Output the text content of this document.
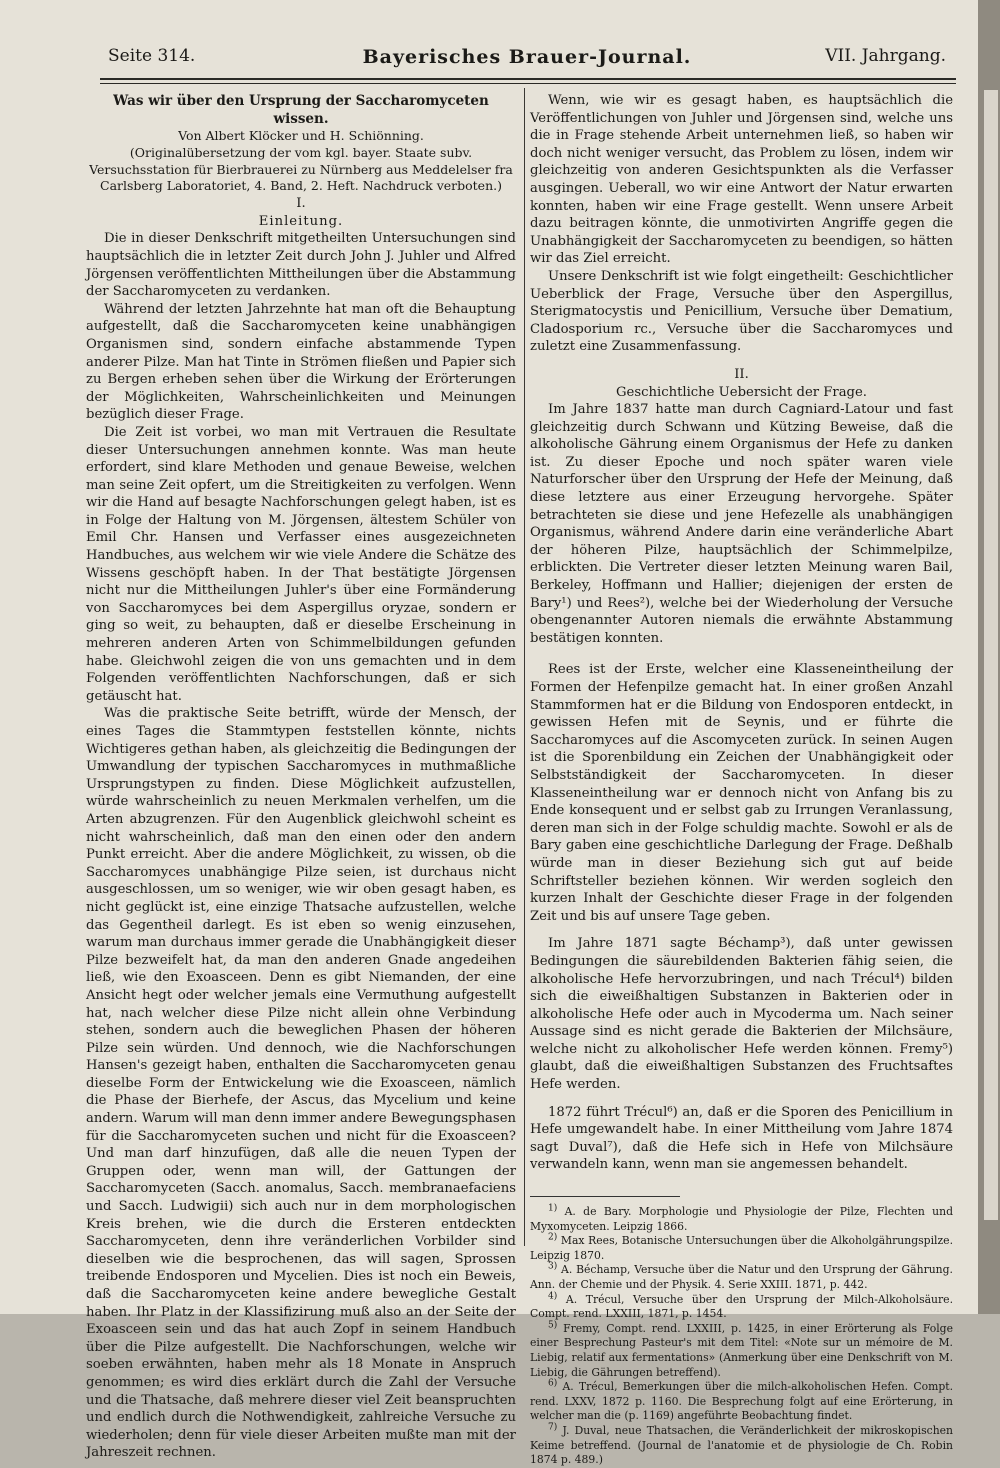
Seite 314.	Bayerisches Brauer-Journal.	VII. Jahrgang.
Was wir über den Ursprung der Saccharomyceten wissen.
Von Albert Klöcker und H. Schiönning.
(Originalübersetzung der vom kgl. bayer. Staate subv. Versuchsstation für Bierbrauerei zu Nürnberg aus Meddelelser fra Carlsberg Laboratoriet, 4. Band, 2. Heft. Nachdruck verboten.)
I.
Einleitung.

Die in dieser Denkschrift mitgetheilten Untersuchungen sind hauptsächlich die in letzter Zeit durch John J. Juhler und Alfred Jörgensen veröffentlichten Mittheilungen über die Abstammung der Saccharomyceten zu verdanken.

Während der letzten Jahrzehnte hat man oft die Behauptung aufgestellt, daß die Saccharomyceten keine unabhängigen Organismen sind, sondern einfache abstammende Typen anderer Pilze. Man hat Tinte in Strömen fließen und Papier sich zu Bergen erheben sehen über die Wirkung der Erörterungen der Möglichkeiten, Wahrscheinlichkeiten und Meinungen bezüglich dieser Frage.

Die Zeit ist vorbei, wo man mit Vertrauen die Resultate dieser Untersuchungen annehmen konnte. Was man heute erfordert, sind klare Methoden und genaue Beweise, welchen man seine Zeit opfert, um die Streitigkeiten zu verfolgen. Wenn wir die Hand auf besagte Nachforschungen gelegt haben, ist es in Folge der Haltung von M. Jörgensen, ältestem Schüler von Emil Chr. Hansen und Verfasser eines ausgezeichneten Handbuches, aus welchem wir wie viele Andere die Schätze des Wissens geschöpft haben. In der That bestätigte Jörgensen nicht nur die Mittheilungen Juhler's über eine Formänderung von Saccharomyces bei dem Aspergillus oryzae, sondern er ging so weit, zu behaupten, daß er dieselbe Erscheinung in mehreren anderen Arten von Schimmelbildungen gefunden habe. Gleichwohl zeigen die von uns gemachten und in dem Folgenden veröffentlichten Nachforschungen, daß er sich getäuscht hat.

Was die praktische Seite betrifft, würde der Mensch, der eines Tages die Stammtypen feststellen könnte, nichts Wichtigeres gethan haben, als gleichzeitig die Bedingungen der Umwandlung der typischen Saccharomyces in muthmaßliche Ursprungstypen zu finden. Diese Möglichkeit aufzustellen, würde wahrscheinlich zu neuen Merkmalen verhelfen, um die Arten abzugrenzen. Für den Augenblick gleichwohl scheint es nicht wahrscheinlich, daß man den einen oder den andern Punkt erreicht. Aber die andere Möglichkeit, zu wissen, ob die Saccharomyces unabhängige Pilze seien, ist durchaus nicht ausgeschlossen, um so weniger, wie wir oben gesagt haben, es nicht geglückt ist, eine einzige Thatsache aufzustellen, welche das Gegentheil darlegt. Es ist eben so wenig einzusehen, warum man durchaus immer gerade die Unabhängigkeit dieser Pilze bezweifelt hat, da man den anderen Gnade angedeihen ließ, wie den Exoasceen. Denn es gibt Niemanden, der eine Ansicht hegt oder welcher jemals eine Vermuthung aufgestellt hat, nach welcher diese Pilze nicht allein ohne Verbindung stehen, sondern auch die beweglichen Phasen der höheren Pilze sein würden. Und dennoch, wie die Nachforschungen Hansen's gezeigt haben, enthalten die Saccharomyceten genau dieselbe Form der Entwickelung wie die Exoasceen, nämlich die Phase der Bierhefe, der Ascus, das Mycelium und keine andern. Warum will man denn immer andere Bewegungsphasen für die Saccharomyceten suchen und nicht für die Exoasceen? Und man darf hinzufügen, daß alle die neuen Typen der Gruppen oder, wenn man will, der Gattungen der Saccharomyceten (Sacch. anomalus, Sacch. membranaefaciens und Sacch. Ludwigii) sich auch nur in dem morphologischen Kreis brehen, wie die durch die Ersteren entdeckten Saccharomyceten, denn ihre veränderlichen Vorbilder sind dieselben wie die besprochenen, das will sagen, Sprossen treibende Endosporen und Mycelien. Dies ist noch ein Beweis, daß die Saccharomyceten keine andere bewegliche Gestalt haben. Ihr Platz in der Klassifizirung muß also an der Seite der Exoasceen sein und das hat auch Zopf in seinem Handbuch über die Pilze aufgestellt. Die Nachforschungen, welche wir soeben erwähnten, haben mehr als 18 Monate in Anspruch genommen; es wird dies erklärt durch die Zahl der Versuche und die Thatsache, daß mehrere dieser viel Zeit beanspruchten und endlich durch die Nothwendigkeit, zahlreiche Versuche zu wiederholen; denn für viele dieser Arbeiten mußte man mit der Jahreszeit rechnen.

Wenn, wie wir es gesagt haben, es hauptsächlich die Veröffentlichungen von Juhler und Jörgensen sind, welche uns die in Frage stehende Arbeit unternehmen ließ, so haben wir doch nicht weniger versucht, das Problem zu lösen, indem wir gleichzeitig von anderen Gesichtspunkten als die Verfasser ausgingen. Ueberall, wo wir eine Antwort der Natur erwarten konnten, haben wir eine Frage gestellt. Wenn unsere Arbeit dazu beitragen könnte, die unmotivirten Angriffe gegen die Unabhängigkeit der Saccharomyceten zu beendigen, so hätten wir das Ziel erreicht.

Unsere Denkschrift ist wie folgt eingetheilt: Geschichtlicher Ueberblick der Frage, Versuche über den Aspergillus, Sterigmatocystis und Penicillium, Versuche über Dematium, Cladosporium rc., Versuche über die Saccharomyces und zuletzt eine Zusammenfassung.

II.
Geschichtliche Uebersicht der Frage.

Im Jahre 1837 hatte man durch Cagniard-Latour und fast gleichzeitig durch Schwann und Kützing Beweise, daß die alkoholische Gährung einem Organismus der Hefe zu danken ist. Zu dieser Epoche und noch später waren viele Naturforscher über den Ursprung der Hefe der Meinung, daß diese letztere aus einer Erzeugung hervorgehe. Später betrachteten sie diese und jene Hefezelle als unabhängigen Organismus, während Andere darin eine veränderliche Abart der höheren Pilze, hauptsächlich der Schimmelpilze, erblickten. Die Vertreter dieser letzten Meinung waren Bail, Berkeley, Hoffmann und Hallier; diejenigen der ersten de Bary¹) und Rees²), welche bei der Wiederholung der Versuche obengenannter Autoren niemals die erwähnte Abstammung bestätigen konnten.

Rees ist der Erste, welcher eine Klasseneintheilung der Formen der Hefenpilze gemacht hat. In einer großen Anzahl Stammformen hat er die Bildung von Endosporen entdeckt, in gewissen Hefen mit de Seynis, und er führte die Saccharomyces auf die Ascomyceten zurück. In seinen Augen ist die Sporenbildung ein Zeichen der Unabhängigkeit oder Selbstständigkeit der Saccharomyceten. In dieser Klasseneintheilung war er dennoch nicht von Anfang bis zu Ende konsequent und er selbst gab zu Irrungen Veranlassung, deren man sich in der Folge schuldig machte. Sowohl er als de Bary gaben eine geschichtliche Darlegung der Frage. Deßhalb würde man in dieser Beziehung sich gut auf beide Schriftsteller beziehen können. Wir werden sogleich den kurzen Inhalt der Geschichte dieser Frage in der folgenden Zeit und bis auf unsere Tage geben.

Im Jahre 1871 sagte Béchamp³), daß unter gewissen Bedingungen die säurebildenden Bakterien fähig seien, die alkoholische Hefe hervorzubringen, und nach Trécul⁴) bilden sich die eiweißhaltigen Substanzen in Bakterien oder in alkoholische Hefe oder auch in Mycoderma um. Nach seiner Aussage sind es nicht gerade die Bakterien der Milchsäure, welche nicht zu alkoholischer Hefe werden können. Fremy⁵) glaubt, daß die eiweißhaltigen Substanzen des Fruchtsaftes Hefe werden.

1872 führt Trécul⁶) an, daß er die Sporen des Penicillium in Hefe umgewandelt habe. In einer Mittheilung vom Jahre 1874 sagt Duval⁷), daß die Hefe sich in Hefe von Milchsäure verwandeln kann, wenn man sie angemessen behandelt.

$^{1)}$ A. de Bary. Morphologie und Physiologie der Pilze, Flechten und Myxomyceten. Leipzig 1866.

$^{2)}$ Max Rees, Botanische Untersuchungen über die Alkoholgährungspilze. Leipzig 1870.

$^{3)}$ A. Béchamp, Versuche über die Natur und den Ursprung der Gährung. Ann. der Chemie und der Physik. 4. Serie XXIII. 1871, p. 442.

$^{4)}$ A. Trécul, Versuche über den Ursprung der Milch-Alkoholsäure. Compt. rend. LXXIII, 1871, p. 1454.

$^{5)}$ Fremy, Compt. rend. LXXIII, p. 1425, in einer Erörterung als Folge einer Besprechung Pasteur's mit dem Titel: «Note sur un mémoire de M. Liebig, relatif aux fermentations» (Anmerkung über eine Denkschrift von M. Liebig, die Gährungen betreffend).

$^{6)}$ A. Trécul, Bemerkungen über die milch-alkoholischen Hefen. Compt. rend. LXXV, 1872 p. 1160. Die Besprechung folgt auf eine Erörterung, in welcher man die (p. 1169) angeführte Beobachtung findet.

$^{7)}$ J. Duval, neue Thatsachen, die Veränderlichkeit der mikroskopischen Keime betreffend. (Journal de l'anatomie et de physiologie de Ch. Robin 1874 p. 489.)
